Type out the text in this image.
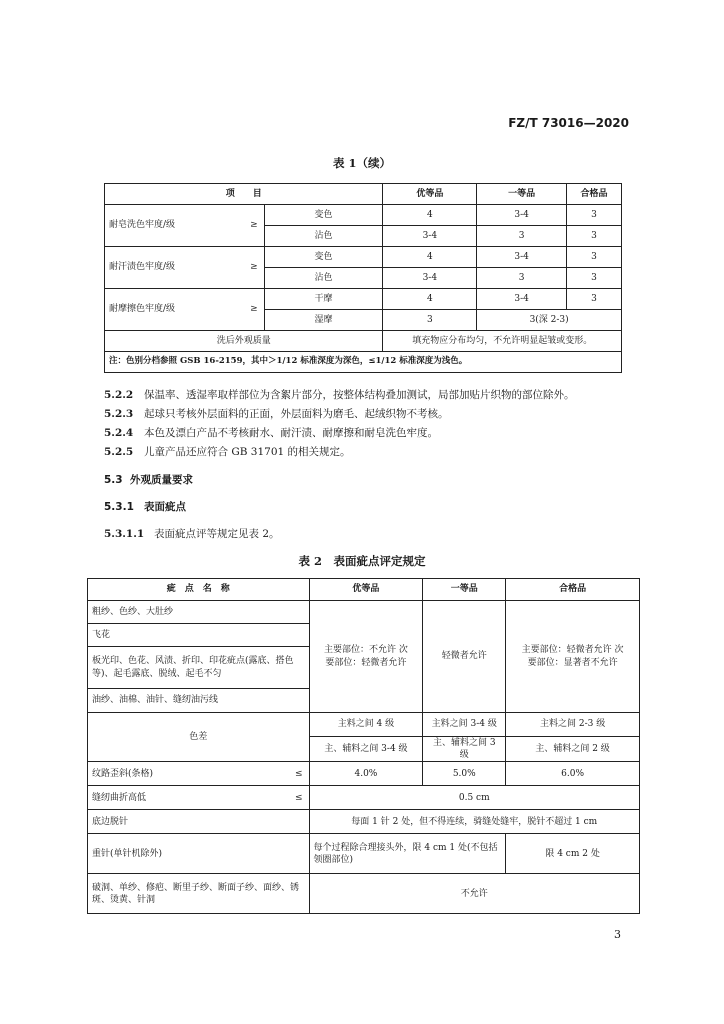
FZ/T 73016—2020
表 1（续）
项　　目		优等品	一等品	合格品
耐皂洗色牢度/级 ≥	变色	4	3-4	3
	沾色	3-4	3	3
耐汗渍色牢度/级 ≥	变色	4	3-4	3
	沾色	3-4	3	3
耐摩擦色牢度/级 ≥	干摩	4	3-4	3
	湿摩	3	3(深 2-3)	
洗后外观质量		填充物应分布均匀，不允许明显起皱或变形。		
注：色别分档参照 GSB 16-2159，其中＞1/12 标准深度为深色，≤1/12 标准深度为浅色。				
5.2.2 保温率、透湿率取样部位为含絮片部分，按整体结构叠加测试，局部加贴片织物的部位除外。
5.2.3 起球只考核外层面料的正面，外层面料为磨毛、起绒织物不考核。
5.2.4 本色及漂白产品不考核耐水、耐汗渍、耐摩擦和耐皂洗色牢度。
5.2.5 儿童产品还应符合 GB 31701 的相关规定。
5.3 外观质量要求
5.3.1 表面疵点
5.3.1.1 表面疵点评等规定见表 2。
表 2　表面疵点评定规定
疵　点　名　称	优等品	一等品	合格品
粗纱、色纱、大肚纱	主要部位：不允许 次要部位：轻微者允许	轻微者允许	主要部位：轻微者允许 次要部位：显著者不允许
飞花			
板光印、色花、风渍、折印、印花疵点(露底、搭色等)、起毛露底、脱绒、起毛不匀			
油纱、油棉、油针、缝纫油污线			
色差	主料之间 4 级	主料之间 3-4 级	主料之间 2-3 级
	主、辅料之间 3-4 级	主、辅料之间 3 级	主、辅料之间 2 级
纹路歪斜(条格) ≤	4.0%	5.0%	6.0%
缝纫曲折高低 ≤	0.5 cm		
底边脱针	每面 1 针 2 处，但不得连续，骑缝处缝牢，脱针不超过 1 cm		
重针(单针机除外)	每个过程除合理接头外，限 4 cm 1 处(不包括领圈部位)		限 4 cm 2 处
破洞、单纱、修疤、断里子纱、断面子纱、面纱、锈斑、烫黄、针洞	不允许		
3
